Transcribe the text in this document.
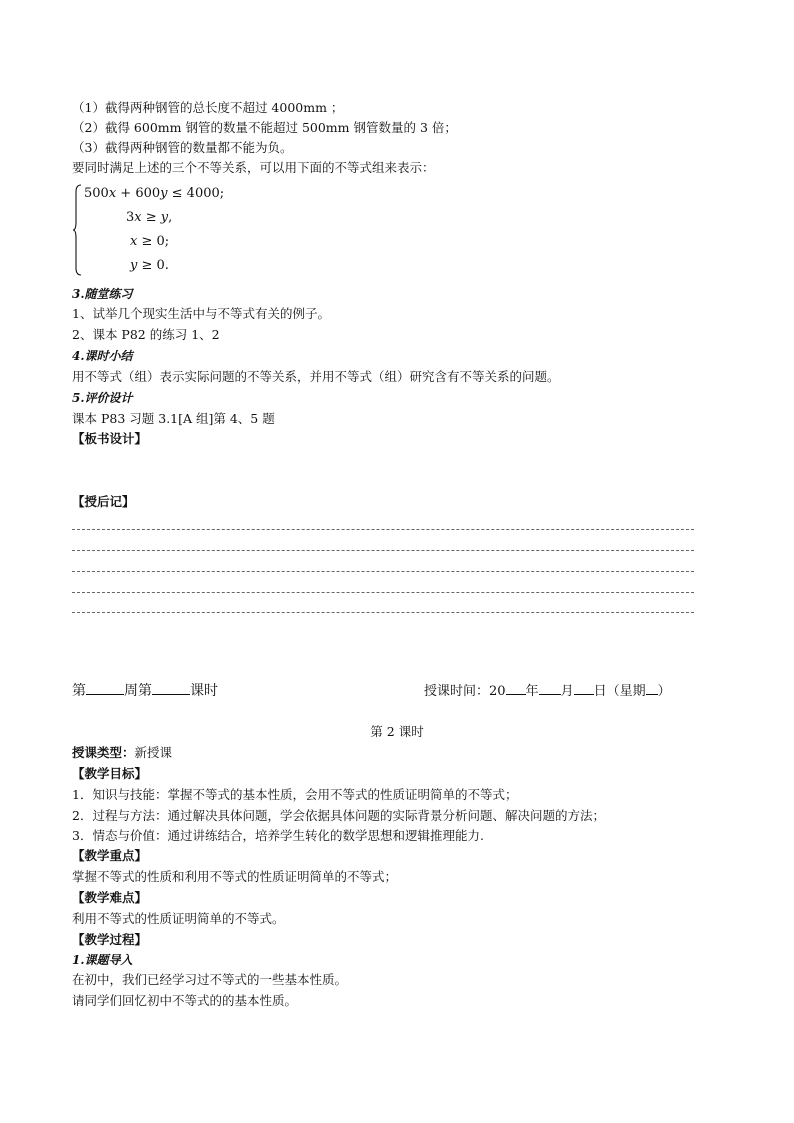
（1）截得两种钢管的总长度不超过 4000mm ；
（2）截得 600mm 钢管的数量不能超过 500mm 钢管数量的 3 倍；
（3）截得两种钢管的数量都不能为负。
要同时满足上述的三个不等关系，可以用下面的不等式组来表示：
500x + 600y ≤ 4000;
3x ≥ y,
x ≥ 0;
y ≥ 0.
3.随堂练习
1、试举几个现实生活中与不等式有关的例子。
2、课本 P82 的练习 1、2
4.课时小结
用不等式（组）表示实际问题的不等关系，并用不等式（组）研究含有不等关系的问题。
5.评价设计
课本 P83 习题 3.1[A 组]第 4、5 题
【板书设计】
【授后记】
第	周第	课时	授课时间：20 年 月 日（星期 ）
第 2 课时
授课类型：新授课
【教学目标】
1．知识与技能：掌握不等式的基本性质，会用不等式的性质证明简单的不等式；
2．过程与方法：通过解决具体问题，学会依据具体问题的实际背景分析问题、解决问题的方法；
3．情态与价值：通过讲练结合，培养学生转化的数学思想和逻辑推理能力.
【教学重点】
掌握不等式的性质和利用不等式的性质证明简单的不等式；
【教学难点】
利用不等式的性质证明简单的不等式。
【教学过程】
1.课题导入
在初中，我们已经学习过不等式的一些基本性质。
请同学们回忆初中不等式的的基本性质。
